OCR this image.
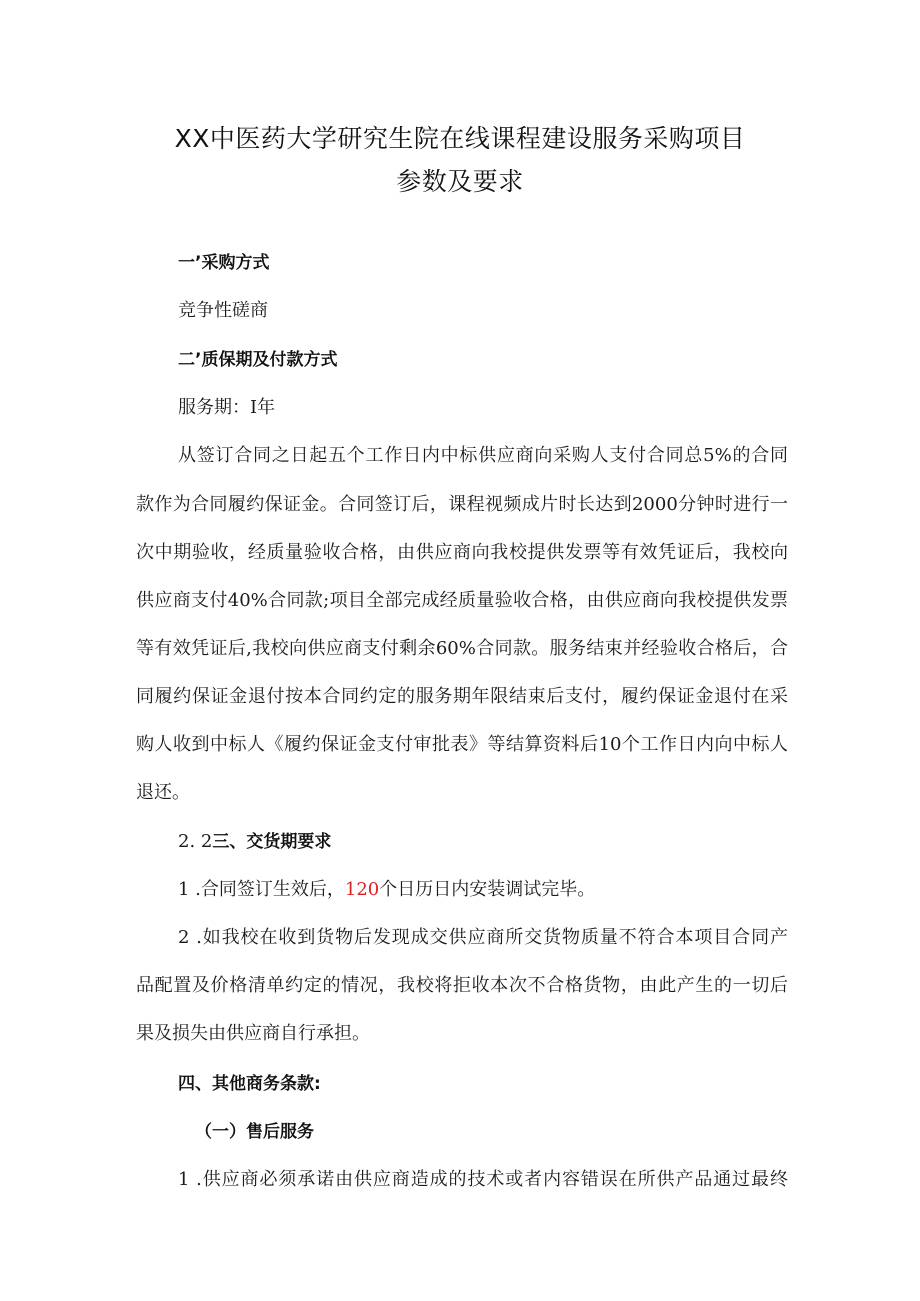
XX中医药大学研究生院在线课程建设服务采购项目
参数及要求
一’采购方式
竞争性磋商
二’质保期及付款方式
服务期：I年
从签订合同之日起五个工作日内中标供应商向采购人支付合同总5%的合同
款作为合同履约保证金。合同签订后，课程视频成片时长达到2000分钟时进行一
次中期验收，经质量验收合格，由供应商向我校提供发票等有效凭证后，我校向
供应商支付40%合同款;项目全部完成经质量验收合格，由供应商向我校提供发票
等有效凭证后,我校向供应商支付剩余60%合同款。服务结束并经验收合格后，合
同履约保证金退付按本合同约定的服务期年限结束后支付，履约保证金退付在采
购人收到中标人《履约保证金支付审批表》等结算资料后10个工作日内向中标人
退还。
2. 2三、交货期要求
1 .合同签订生效后，120个日历日内安装调试完毕。
2 .如我校在收到货物后发现成交供应商所交货物质量不符合本项目合同产
品配置及价格清单约定的情况，我校将拒收本次不合格货物，由此产生的一切后
果及损失由供应商自行承担。
四、其他商务条款:
（一）售后服务
1 .供应商必须承诺由供应商造成的技术或者内容错误在所供产品通过最终
